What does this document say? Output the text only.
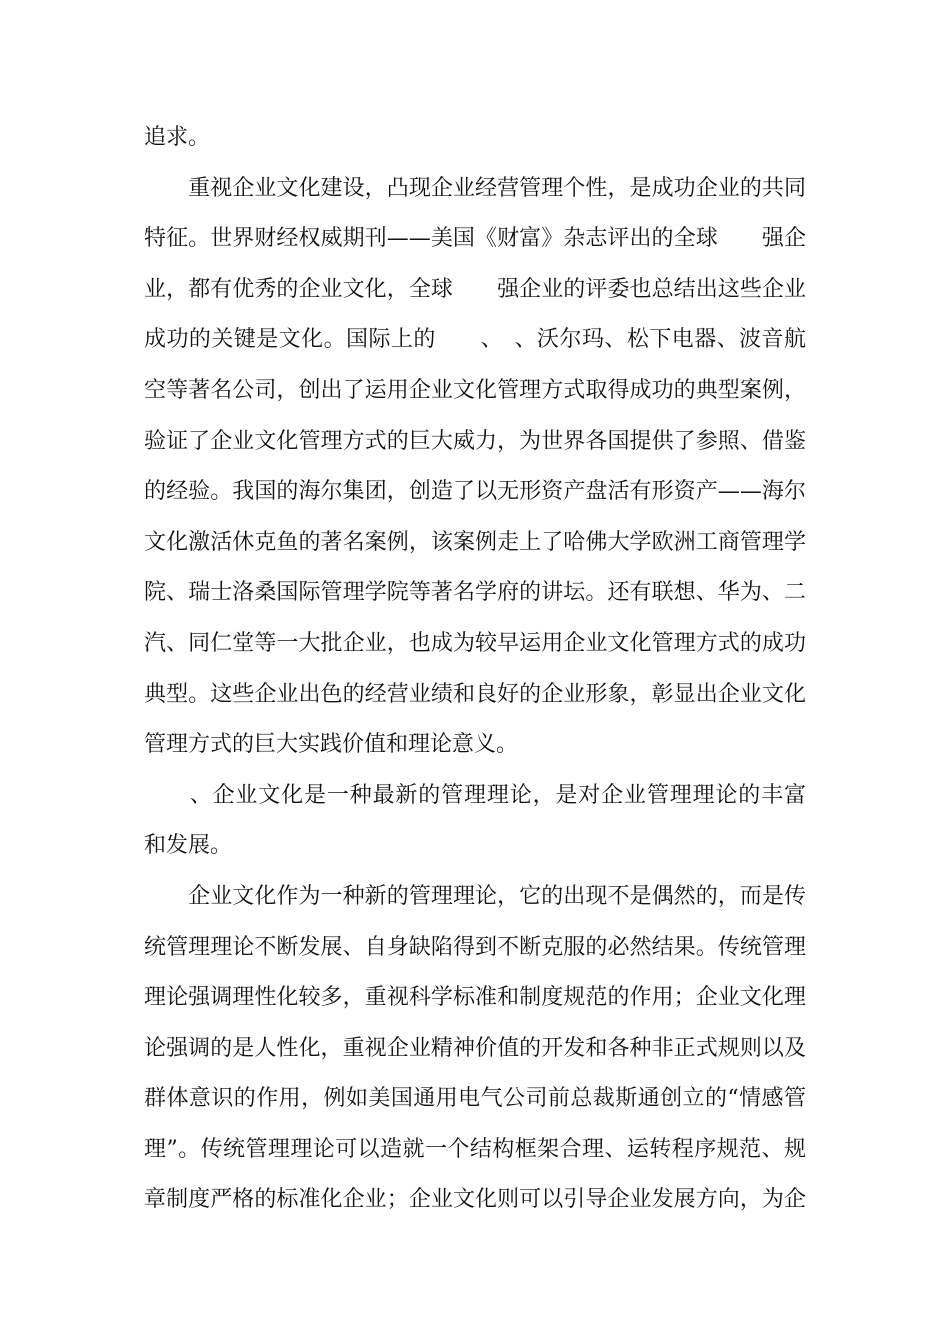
追求。
　　重视企业文化建设，凸现企业经营管理个性，是成功企业的共同
特征。世界财经权威期刊——美国《财富》杂志评出的全球　　强企
业，都有优秀的企业文化，全球　　强企业的评委也总结出这些企业
成功的关键是文化。国际上的　　、　、沃尔玛、松下电器、波音航
空等著名公司，创出了运用企业文化管理方式取得成功的典型案例，
验证了企业文化管理方式的巨大威力，为世界各国提供了参照、借鉴
的经验。我国的海尔集团，创造了以无形资产盘活有形资产——海尔
文化激活休克鱼的著名案例，该案例走上了哈佛大学欧洲工商管理学
院、瑞士洛桑国际管理学院等著名学府的讲坛。还有联想、华为、二
汽、同仁堂等一大批企业，也成为较早运用企业文化管理方式的成功
典型。这些企业出色的经营业绩和良好的企业形象，彰显出企业文化
管理方式的巨大实践价值和理论意义。
　　、企业文化是一种最新的管理理论，是对企业管理理论的丰富
和发展。
　　企业文化作为一种新的管理理论，它的出现不是偶然的，而是传
统管理理论不断发展、自身缺陷得到不断克服的必然结果。传统管理
理论强调理性化较多，重视科学标准和制度规范的作用；企业文化理
论强调的是人性化，重视企业精神价值的开发和各种非正式规则以及
群体意识的作用，例如美国通用电气公司前总裁斯通创立的“情感管
理”。传统管理理论可以造就一个结构框架合理、运转程序规范、规
章制度严格的标准化企业；企业文化则可以引导企业发展方向，为企
